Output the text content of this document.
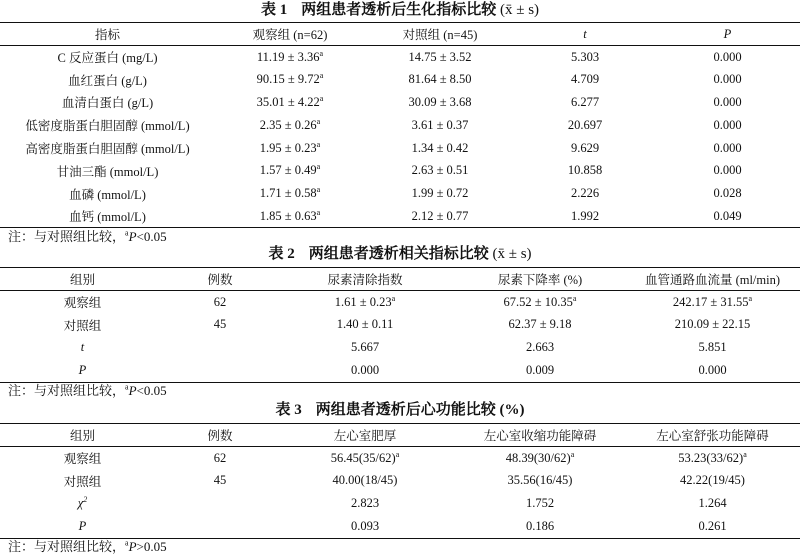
表 1 两组患者透析后生化指标比较 (x̄ ± s)
指标	观察组 (n=62)	对照组 (n=45)	t	P
C 反应蛋白 (mg/L)	11.19 ± 3.36$^a$	14.75 ± 3.52	5.303	0.000
血红蛋白 (g/L)	90.15 ± 9.72$^a$	81.64 ± 8.50	4.709	0.000
血清白蛋白 (g/L)	35.01 ± 4.22$^a$	30.09 ± 3.68	6.277	0.000
低密度脂蛋白胆固醇 (mmol/L)	2.35 ± 0.26$^a$	3.61 ± 0.37	20.697	0.000
高密度脂蛋白胆固醇 (mmol/L)	1.95 ± 0.23$^a$	1.34 ± 0.42	9.629	0.000
甘油三酯 (mmol/L)	1.57 ± 0.49$^a$	2.63 ± 0.51	10.858	0.000
血磷 (mmol/L)	1.71 ± 0.58$^a$	1.99 ± 0.72	2.226	0.028
血钙 (mmol/L)	1.85 ± 0.63$^a$	2.12 ± 0.77	1.992	0.049
注：与对照组比较，$^a$P<0.05
表 2 两组患者透析相关指标比较 (x̄ ± s)
组别	例数	尿素清除指数	尿素下降率 (%)	血管通路血流量 (ml/min)
观察组	62	1.61 ± 0.23$^a$	67.52 ± 10.35$^a$	242.17 ± 31.55$^a$
对照组	45	1.40 ± 0.11	62.37 ± 9.18	210.09 ± 22.15
t		5.667	2.663	5.851
P		0.000	0.009	0.000
注：与对照组比较，$^a$P<0.05
表 3 两组患者透析后心功能比较 (%)
组别	例数	左心室肥厚	左心室收缩功能障碍	左心室舒张功能障碍
观察组	62	$56.45(35/62)^a$	$48.39(30/62)^a$	$53.23(33/62)^a$
对照组	45	40.00(18/45)	35.56(16/45)	42.22(19/45)
$\chi^2$		2.823	1.752	1.264
P		0.093	0.186	0.261
注：与对照组比较，$^a$P>0.05
